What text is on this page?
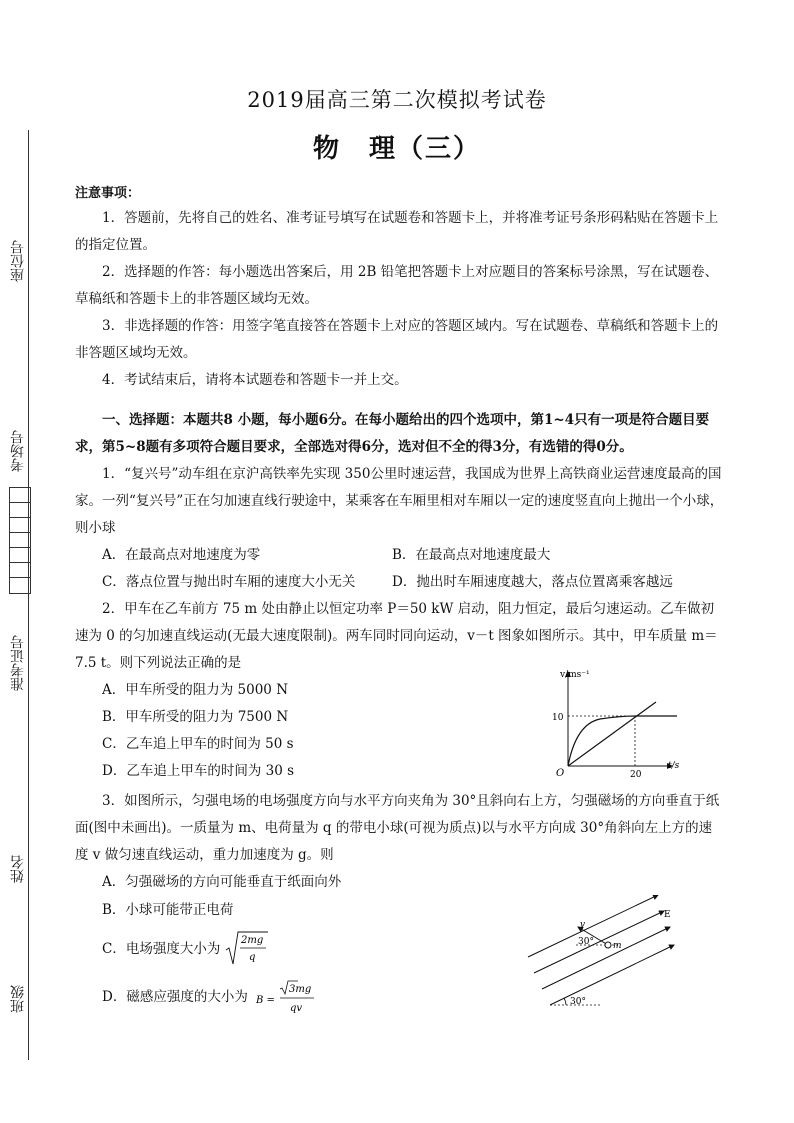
座位号
考场号
准考证号
姓名
班级
2019届高三第二次模拟考试卷
物　理（三）
注意事项：
1．答题前，先将自己的姓名、准考证号填写在试题卷和答题卡上，并将准考证号条形码粘贴在答题卡上的指定位置。
2．选择题的作答：每小题选出答案后，用 2B 铅笔把答题卡上对应题目的答案标号涂黑，写在试题卷、草稿纸和答题卡上的非答题区域均无效。
3．非选择题的作答：用签字笔直接答在答题卡上对应的答题区域内。写在试题卷、草稿纸和答题卡上的非答题区域均无效。
4．考试结束后，请将本试题卷和答题卡一并上交。
一、选择题：本题共8 小题，每小题6分。在每小题给出的四个选项中，第1~4只有一项是符合题目要求，第5~8题有多项符合题目要求，全部选对得6分，选对但不全的得3分，有选错的得0分。
1．“复兴号”动车组在京沪高铁率先实现 350公里时速运营，我国成为世界上高铁商业运营速度最高的国家。一列“复兴号”正在匀加速直线行驶途中，某乘客在车厢里相对车厢以一定的速度竖直向上抛出一个小球，则小球
A．在最高点对地速度为零	B．在最高点对地速度最大
C．落点位置与抛出时车厢的速度大小无关	D．抛出时车厢速度越大，落点位置离乘客越远
2．甲车在乙车前方 75 m 处由静止以恒定功率 P＝50 kW 启动，阻力恒定，最后匀速运动。乙车做初速为 0 的匀加速直线运动(无最大速度限制)。两车同时同向运动，v－t 图象如图所示。其中，甲车质量 m＝7.5 t。则下列说法正确的是
A．甲车所受的阻力为 5000 N
B．甲车所受的阻力为 7500 N
C．乙车追上甲车的时间为 50 s
D．乙车追上甲车的时间为 30 s
v/ms⁻¹
t/s
O
10
20
3．如图所示，匀强电场的电场强度方向与水平方向夹角为 30°且斜向右上方，匀强磁场的方向垂直于纸面(图中未画出)。一质量为 m、电荷量为 q 的带电小球(可视为质点)以与水平方向成 30°角斜向左上方的速度 v 做匀速直线运动，重力加速度为 g。则
A．匀强磁场的方向可能垂直于纸面向外
B．小球可能带正电荷
C．电场强度大小为
2mg
q
D．磁感应强度的大小为 B =
3mg
qv
v
30° m
E
30°
